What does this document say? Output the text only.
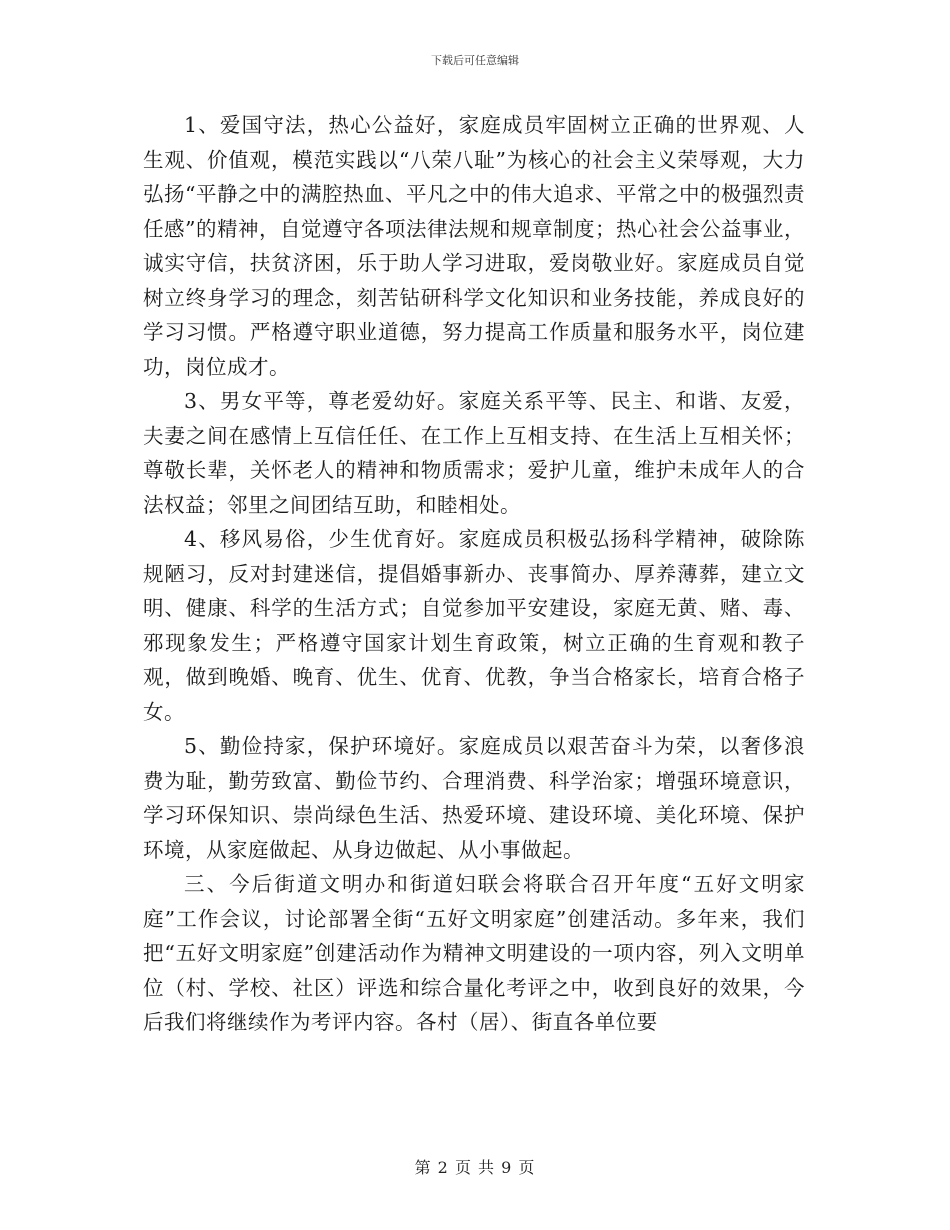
下载后可任意编辑

1、爱国守法，热心公益好，家庭成员牢固树立正确的世界观、人生观、价值观，模范实践以“八荣八耻”为核心的社会主义荣辱观，大力弘扬“平静之中的满腔热血、平凡之中的伟大追求、平常之中的极强烈责任感”的精神，自觉遵守各项法律法规和规章制度；热心社会公益事业，诚实守信，扶贫济困，乐于助人学习进取，爱岗敬业好。家庭成员自觉树立终身学习的理念，刻苦钻研科学文化知识和业务技能，养成良好的学习习惯。严格遵守职业道德，努力提高工作质量和服务水平，岗位建功，岗位成才。

3、男女平等，尊老爱幼好。家庭关系平等、民主、和谐、友爱，夫妻之间在感情上互信任任、在工作上互相支持、在生活上互相关怀；尊敬长辈，关怀老人的精神和物质需求；爱护儿童，维护未成年人的合法权益；邻里之间团结互助，和睦相处。

4、移风易俗，少生优育好。家庭成员积极弘扬科学精神，破除陈规陋习，反对封建迷信，提倡婚事新办、丧事简办、厚养薄葬，建立文明、健康、科学的生活方式；自觉参加平安建设，家庭无黄、赌、毒、邪现象发生；严格遵守国家计划生育政策，树立正确的生育观和教子观，做到晚婚、晚育、优生、优育、优教，争当合格家长，培育合格子女。

5、勤俭持家，保护环境好。家庭成员以艰苦奋斗为荣，以奢侈浪费为耻，勤劳致富、勤俭节约、合理消费、科学治家；增强环境意识，学习环保知识、崇尚绿色生活、热爱环境、建设环境、美化环境、保护环境，从家庭做起、从身边做起、从小事做起。

三、今后街道文明办和街道妇联会将联合召开年度“五好文明家庭”工作会议，讨论部署全街“五好文明家庭”创建活动。多年来，我们把“五好文明家庭”创建活动作为精神文明建设的一项内容，列入文明单位（村、学校、社区）评选和综合量化考评之中，收到良好的效果，今后我们将继续作为考评内容。各村（居）、街直各单位要

第 2 页 共 9 页
